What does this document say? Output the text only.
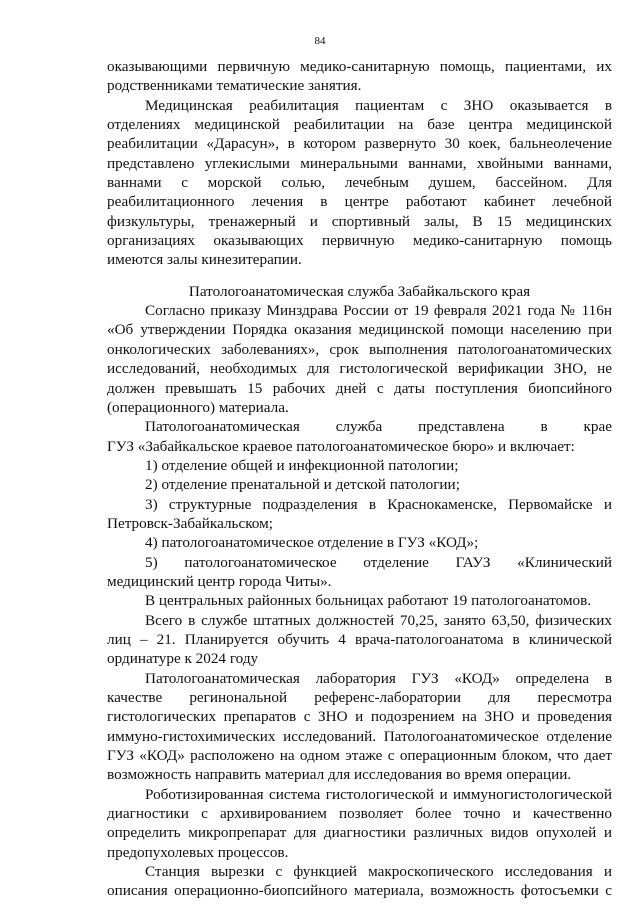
84
оказывающими первичную медико-санитарную помощь, пациентами, их
родственниками тематические занятия.
Медицинская реабилитация пациентам с ЗНО оказывается в
отделениях медицинской реабилитации на базе центра медицинской
реабилитации «Дарасун», в котором развернуто 30 коек, бальнеолечение
представлено углекислыми минеральными ваннами, хвойными ваннами,
ваннами с морской солью, лечебным душем, бассейном. Для
реабилитационного лечения в центре работают кабинет лечебной
физкультуры, тренажерный и спортивный залы, В 15 медицинских
организациях оказывающих первичную медико-санитарную помощь
имеются залы кинезитерапии.
Патологоанатомическая служба Забайкальского края
Согласно приказу Минздрава России от 19 февраля 2021 года № 116н
«Об утверждении Порядка оказания медицинской помощи населению при
онкологических заболеваниях», срок выполнения патологоанатомических
исследований, необходимых для гистологической верификации ЗНО, не
должен превышать 15 рабочих дней с даты поступления биопсийного
(операционного) материала.
Патологоанатомическая служба представлена в крае
ГУЗ «Забайкальское краевое патологоанатомическое бюро» и включает:
1) отделение общей и инфекционной патологии;
2) отделение пренатальной и детской патологии;
3) структурные подразделения в Краснокаменске, Первомайске и
Петровск-Забайкальском;
4) патологоанатомическое отделение в ГУЗ «КОД»;
5) патологоанатомическое отделение ГАУЗ «Клинический
медицинский центр города Читы».
В центральных районных больницах работают 19 патологоанатомов.
Всего в службе штатных должностей 70,25, занято 63,50, физических
лиц – 21. Планируется обучить 4 врача-патологоанатома в клинической
ординатуре к 2024 году
Патологоанатомическая лаборатория ГУЗ «КОД» определена в
качестве регинональной референс-лаборатории для пересмотра
гистологических препаратов с ЗНО и подозрением на ЗНО и проведения
иммуно-гистохимических исследований. Патологоанатомическое отделение
ГУЗ «КОД» расположено на одном этаже с операционным блоком, что дает
возможность направить материал для исследования во время операции.
Роботизированная система гистологической и иммуногистологической
диагностики с архивированием позволяет более точно и качественно
определить микропрепарат для диагностики различных видов опухолей и
предопухолевых процессов.
Станция вырезки с функцией макроскопического исследования и
описания операционно-биопсийного материала, возможность фотосъемки с
